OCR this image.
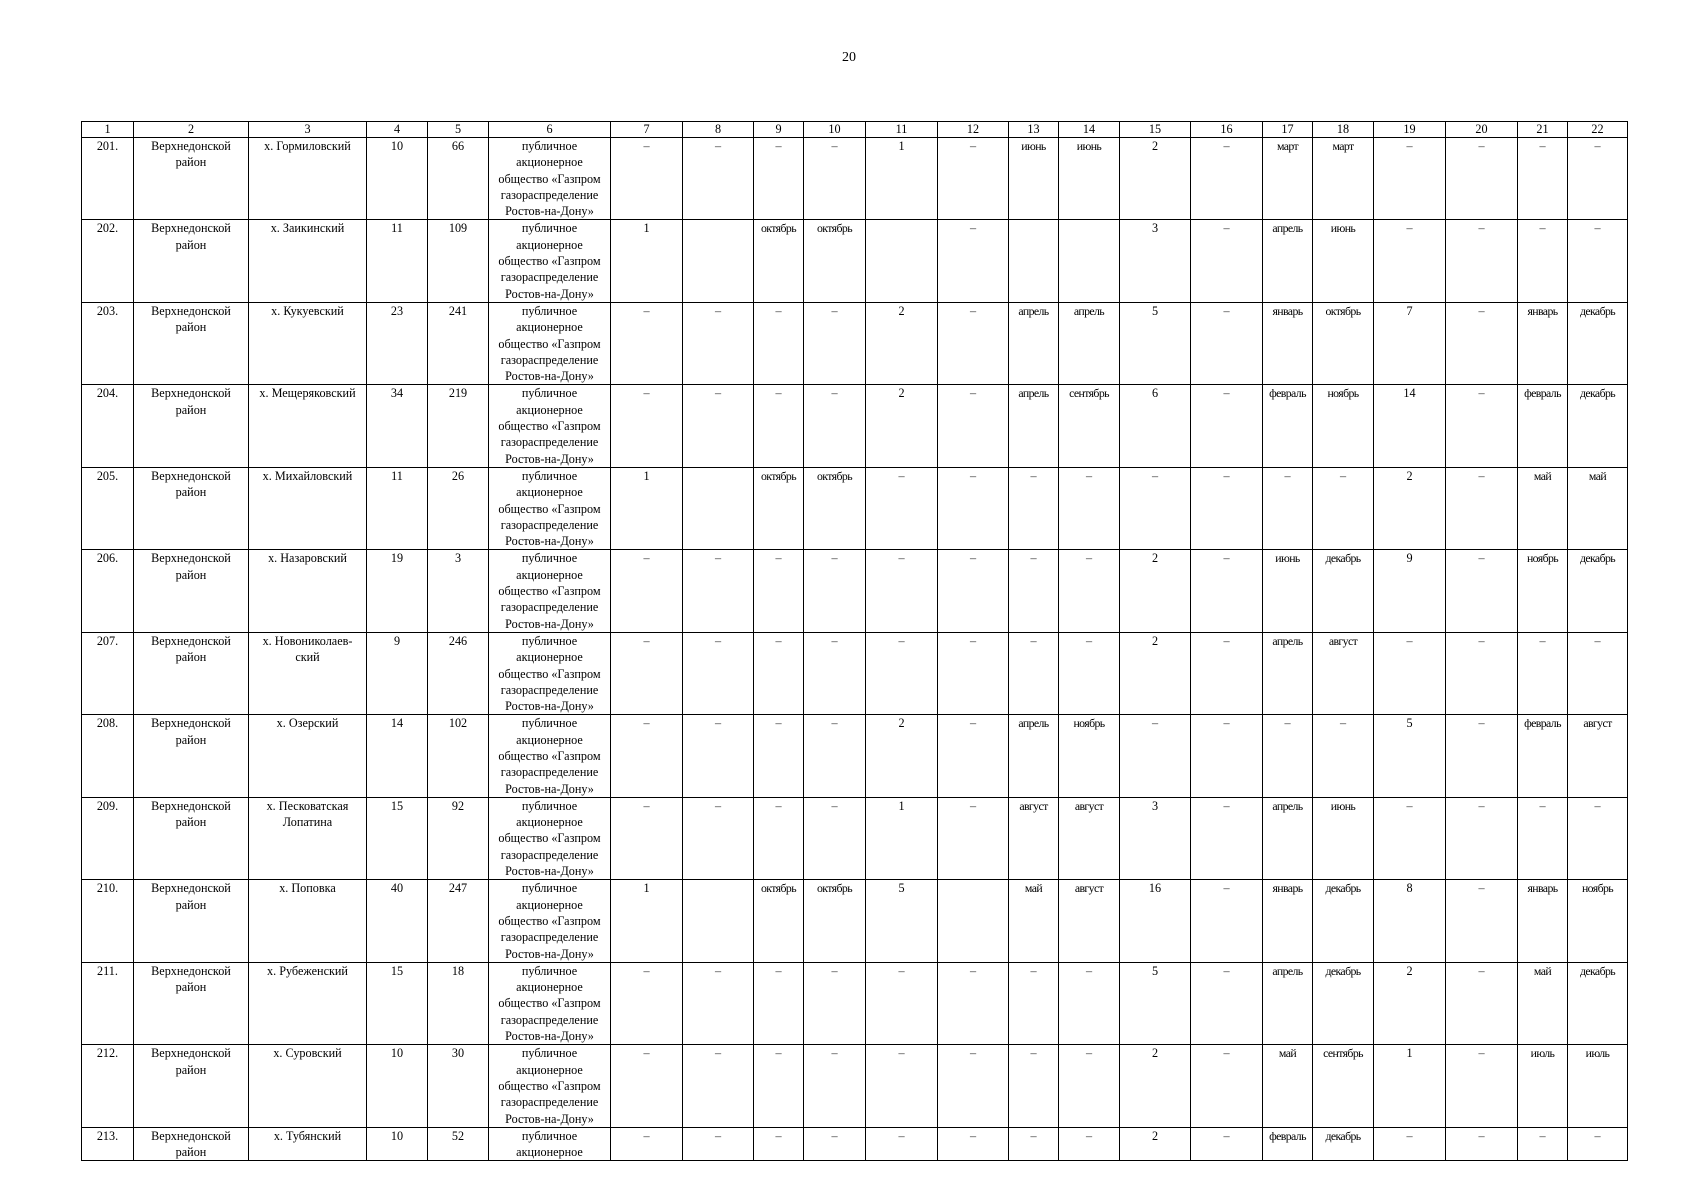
20
1	2	3	4	5	6	7	8	9	10	11	12	13	14	15	16	17	18	19	20	21	22
201.	Верхнедонской район	х. Гормиловский	10	66	публичное акционерное общество «Газпром газораспределение Ростов-на-Дону»	–	–	–	–	1	–	июнь	июнь	2	–	март	март	–	–	–	–
202.	Верхнедонской район	х. Заикинский	11	109	публичное акционерное общество «Газпром газораспределение Ростов-на-Дону»	1		октябрь	октябрь		–			3	–	апрель	июнь	–	–	–	–
203.	Верхнедонской район	х. Кукуевский	23	241	публичное акционерное общество «Газпром газораспределение Ростов-на-Дону»	–	–	–	–	2	–	апрель	апрель	5	–	январь	октябрь	7	–	январь	декабрь
204.	Верхнедонской район	х. Мещеряковский	34	219	публичное акционерное общество «Газпром газораспределение Ростов-на-Дону»	–	–	–	–	2	–	апрель	сентябрь	6	–	февраль	ноябрь	14	–	февраль	декабрь
205.	Верхнедонской район	х. Михайловский	11	26	публичное акционерное общество «Газпром газораспределение Ростов-на-Дону»	1		октябрь	октябрь	–	–	–	–	–	–	–	–	2	–	май	май
206.	Верхнедонской район	х. Назаровский	19	3	публичное акционерное общество «Газпром газораспределение Ростов-на-Дону»	–	–	–	–	–	–	–	–	2	–	июнь	декабрь	9	–	ноябрь	декабрь
207.	Верхнедонской район	х. Новониколаев-ский	9	246	публичное акционерное общество «Газпром газораспределение Ростов-на-Дону»	–	–	–	–	–	–	–	–	2	–	апрель	август	–	–	–	–
208.	Верхнедонской район	х. Озерский	14	102	публичное акционерное общество «Газпром газораспределение Ростов-на-Дону»	–	–	–	–	2	–	апрель	ноябрь	–	–	–	–	5	–	февраль	август
209.	Верхнедонской район	х. Песковатская Лопатина	15	92	публичное акционерное общество «Газпром газораспределение Ростов-на-Дону»	–	–	–	–	1	–	август	август	3	–	апрель	июнь	–	–	–	–
210.	Верхнедонской район	х. Поповка	40	247	публичное акционерное общество «Газпром газораспределение Ростов-на-Дону»	1		октябрь	октябрь	5		май	август	16	–	январь	декабрь	8	–	январь	ноябрь
211.	Верхнедонской район	х. Рубеженский	15	18	публичное акционерное общество «Газпром газораспределение Ростов-на-Дону»	–	–	–	–	–	–	–	–	5	–	апрель	декабрь	2	–	май	декабрь
212.	Верхнедонской район	х. Суровский	10	30	публичное акционерное общество «Газпром газораспределение Ростов-на-Дону»	–	–	–	–	–	–	–	–	2	–	май	сентябрь	1	–	июль	июль
213.	Верхнедонской район	х. Тубянский	10	52	публичное акционерное	–	–	–	–	–	–	–	–	2	–	февраль	декабрь	–	–	–	–
